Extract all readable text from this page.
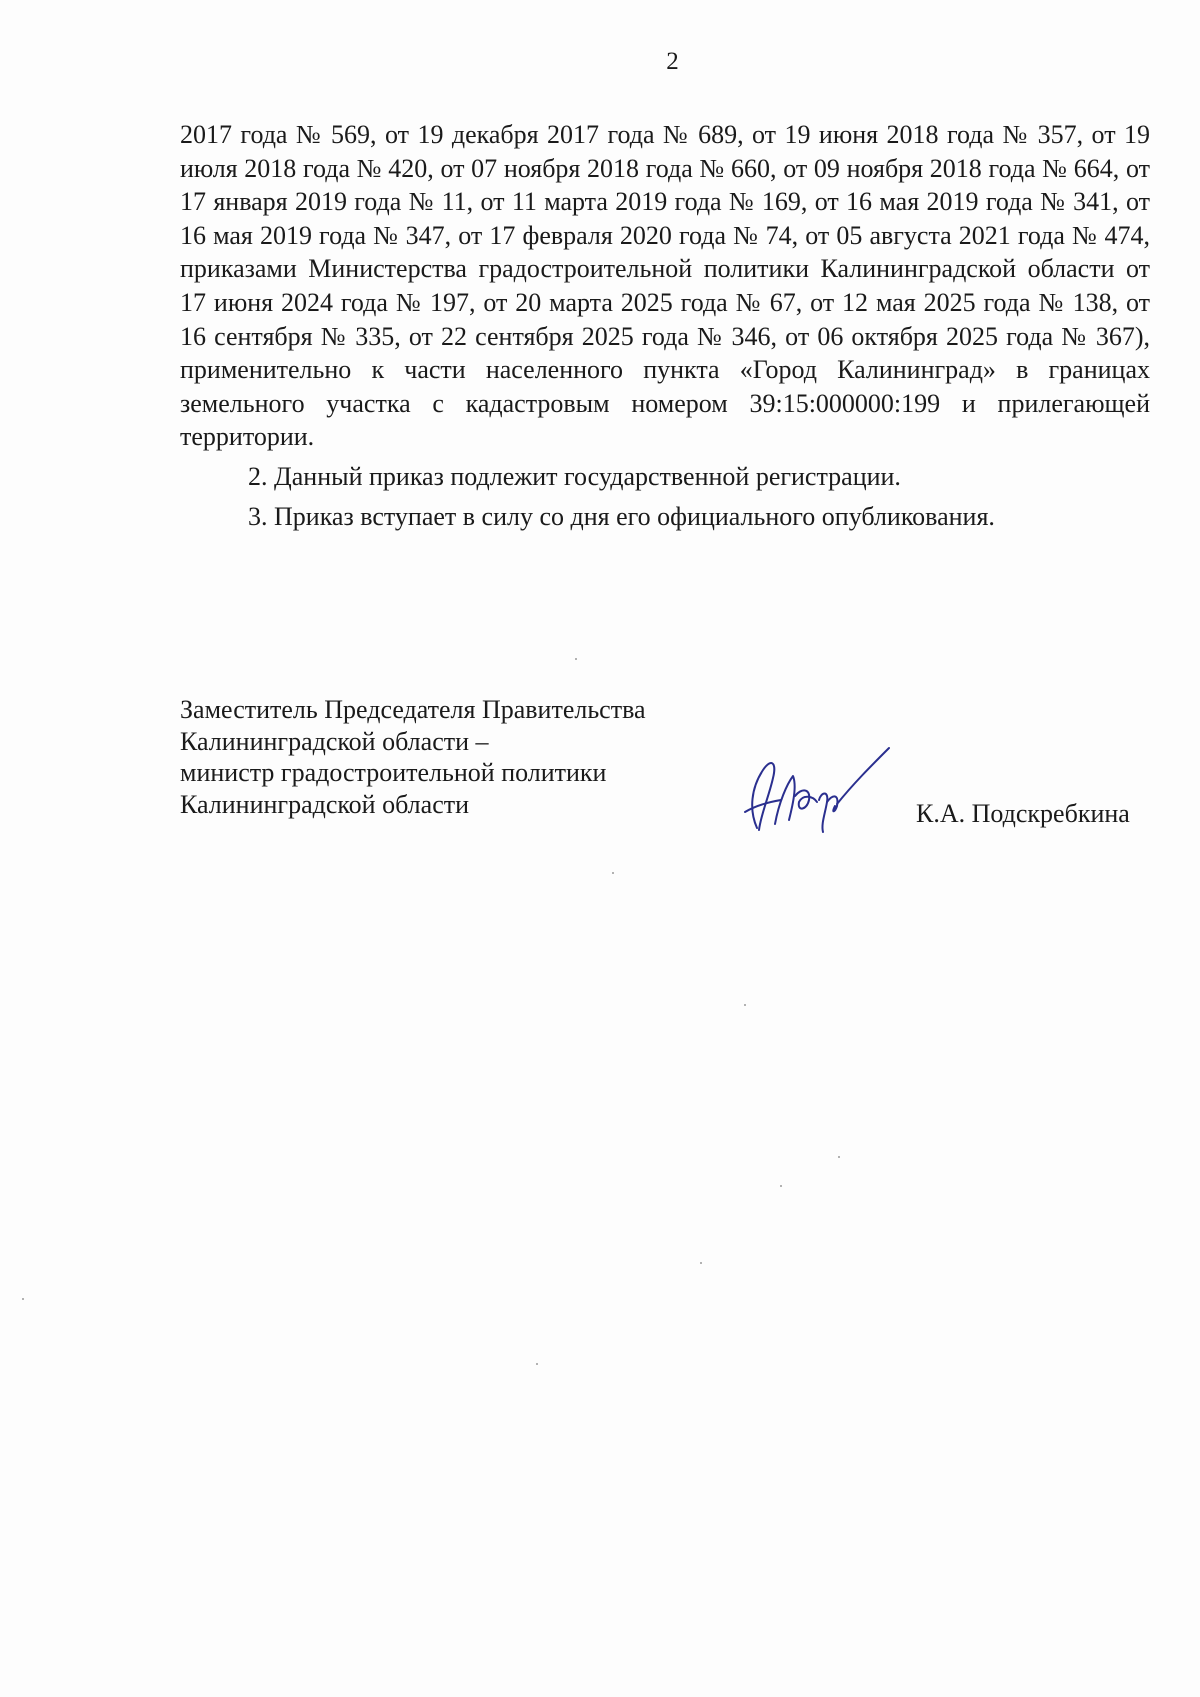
2

2017 года № 569, от 19 декабря 2017 года № 689, от 19 июня 2018 года № 357, от 19 июля 2018 года № 420, от 07 ноября 2018 года № 660, от 09 ноября 2018 года № 664, от 17 января 2019 года № 11, от 11 марта 2019 года № 169, от 16 мая 2019 года № 341, от 16 мая 2019 года № 347, от 17 февраля 2020 года № 74, от 05 августа 2021 года № 474, приказами Министерства градостроительной политики Калининградской области от 17 июня 2024 года № 197, от 20 марта 2025 года № 67, от 12 мая 2025 года № 138, от 16 сентября № 335, от 22 сентября 2025 года № 346, от 06 октября 2025 года № 367), применительно к части населенного пункта «Город Калининград» в границах земельного участка с кадастровым номером 39:15:000000:199 и прилегающей территории.

2. Данный приказ подлежит государственной регистрации.

3. Приказ вступает в силу со дня его официального опубликования.

Заместитель Председателя Правительства
Калининградской области –
министр градостроительной политики
Калининградской области	К.А. Подскребкина
